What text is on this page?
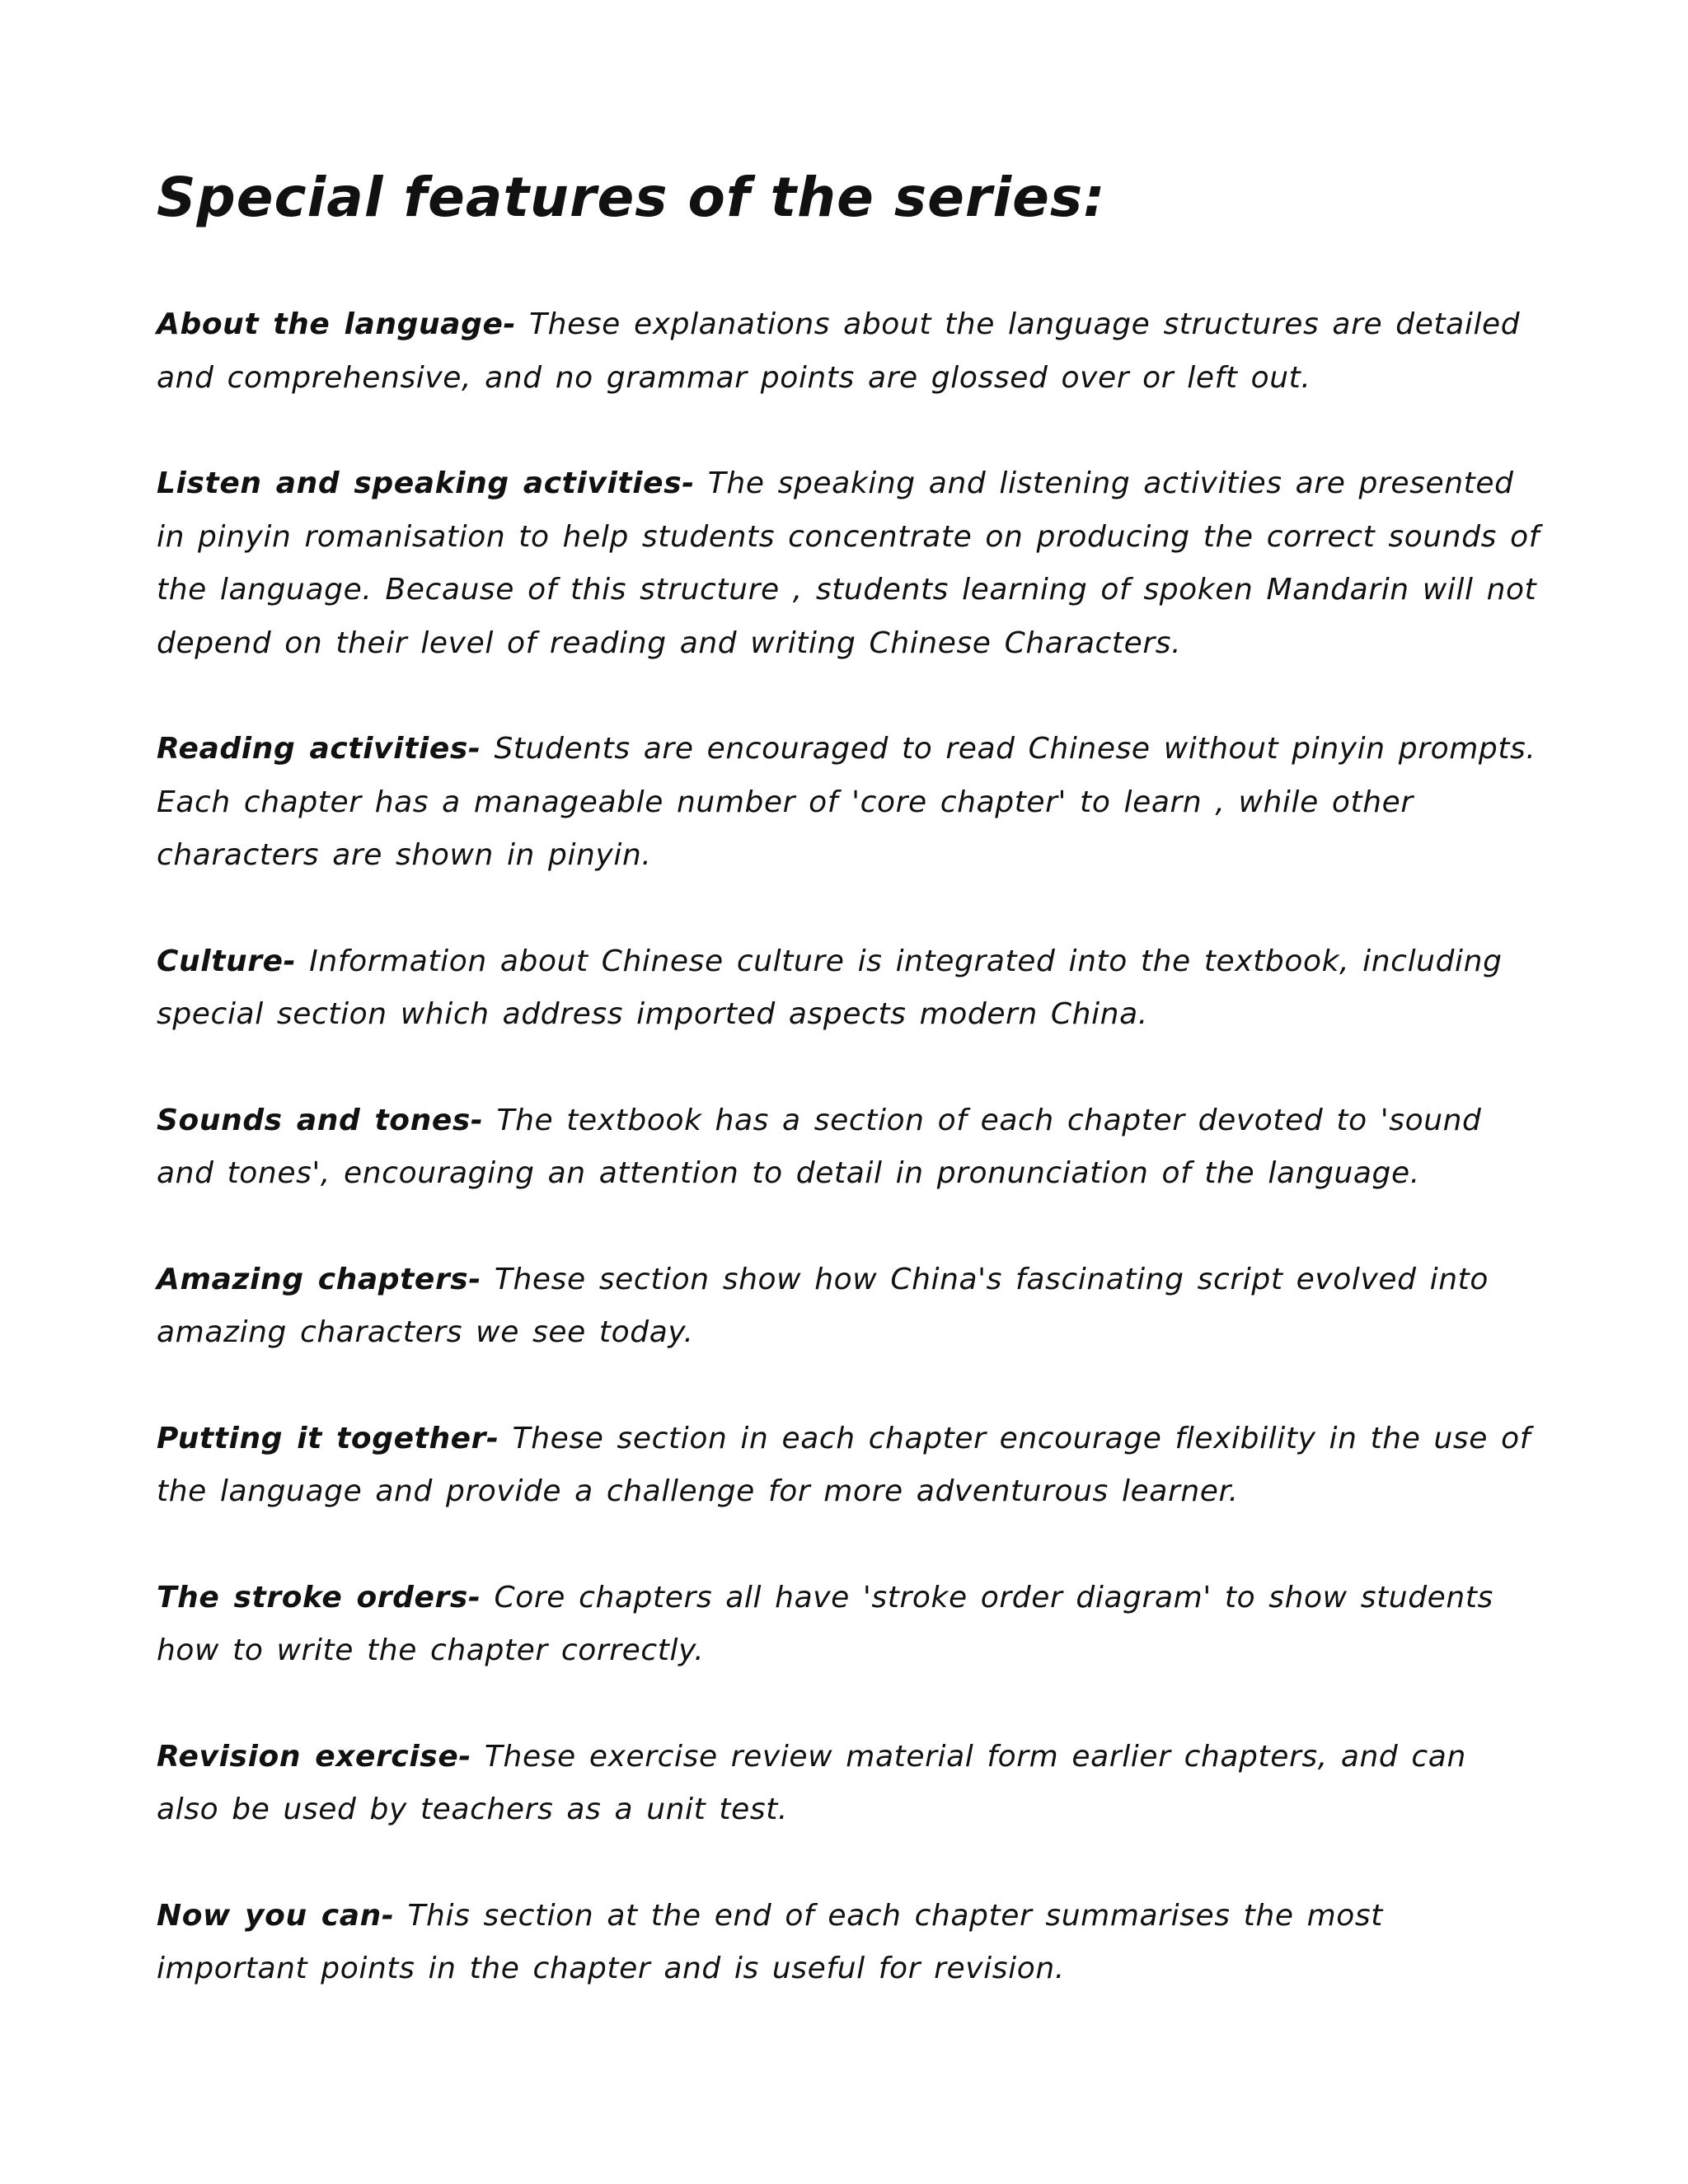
Special features of the series:
About the language- These explanations about the language structures are detailed and comprehensive, and no grammar points are glossed over or left out.
Listen and speaking activities- The speaking and listening activities are presented in pinyin romanisation to help students concentrate on producing the correct sounds of the language. Because of this structure , students learning of spoken Mandarin will not depend on their level of reading and writing Chinese Characters.
Reading activities- Students are encouraged to read Chinese without pinyin prompts. Each chapter has a manageable number of 'core chapter' to learn , while other characters are shown in pinyin.
Culture- Information about Chinese culture is integrated into the textbook, including special section which address imported aspects modern China.
Sounds and tones- The textbook has a section of each chapter devoted to 'sound and tones', encouraging an attention to detail in pronunciation of the language.
Amazing chapters- These section show how China's fascinating script evolved into amazing characters we see today.
Putting it together- These section in each chapter encourage flexibility in the use of the language and provide a challenge for more adventurous learner.
The stroke orders- Core chapters all have 'stroke order diagram' to show students how to write the chapter correctly.
Revision exercise- These exercise review material form earlier chapters, and can also be used by teachers as a unit test.
Now you can- This section at the end of each chapter summarises the most important points in the chapter and is useful for revision.
